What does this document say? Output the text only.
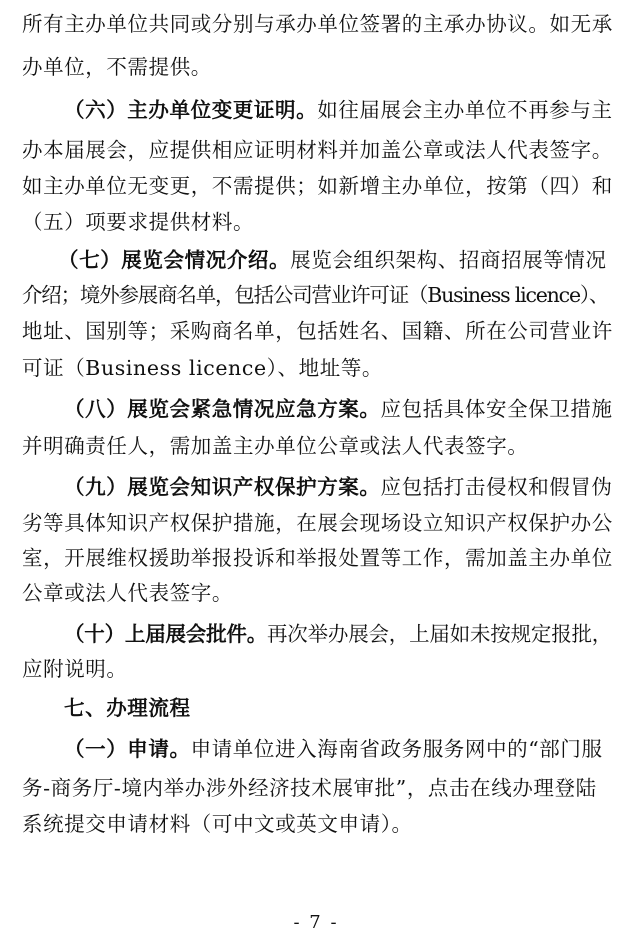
所有主办单位共同或分别与承办单位签署的主承办协议。如无承
办单位，不需提供。
（六）主办单位变更证明。如往届展会主办单位不再参与主
办本届展会，应提供相应证明材料并加盖公章或法人代表签字。
如主办单位无变更，不需提供；如新增主办单位，按第（四）和
（五）项要求提供材料。
（七）展览会情况介绍。展览会组织架构、招商招展等情况
介绍；境外参展商名单，包括公司营业许可证（Business licence）、
地址、国别等；采购商名单，包括姓名、国籍、所在公司营业许
可证（Business licence）、地址等。
（八）展览会紧急情况应急方案。应包括具体安全保卫措施
并明确责任人，需加盖主办单位公章或法人代表签字。
（九）展览会知识产权保护方案。应包括打击侵权和假冒伪
劣等具体知识产权保护措施，在展会现场设立知识产权保护办公
室，开展维权援助举报投诉和举报处置等工作，需加盖主办单位
公章或法人代表签字。
（十）上届展会批件。再次举办展会，上届如未按规定报批，
应附说明。
七、办理流程
（一）申请。申请单位进入海南省政务服务网中的“部门服
务-商务厅-境内举办涉外经济技术展审批”，点击在线办理登陆
系统提交申请材料（可中文或英文申请）。
- 7 -
